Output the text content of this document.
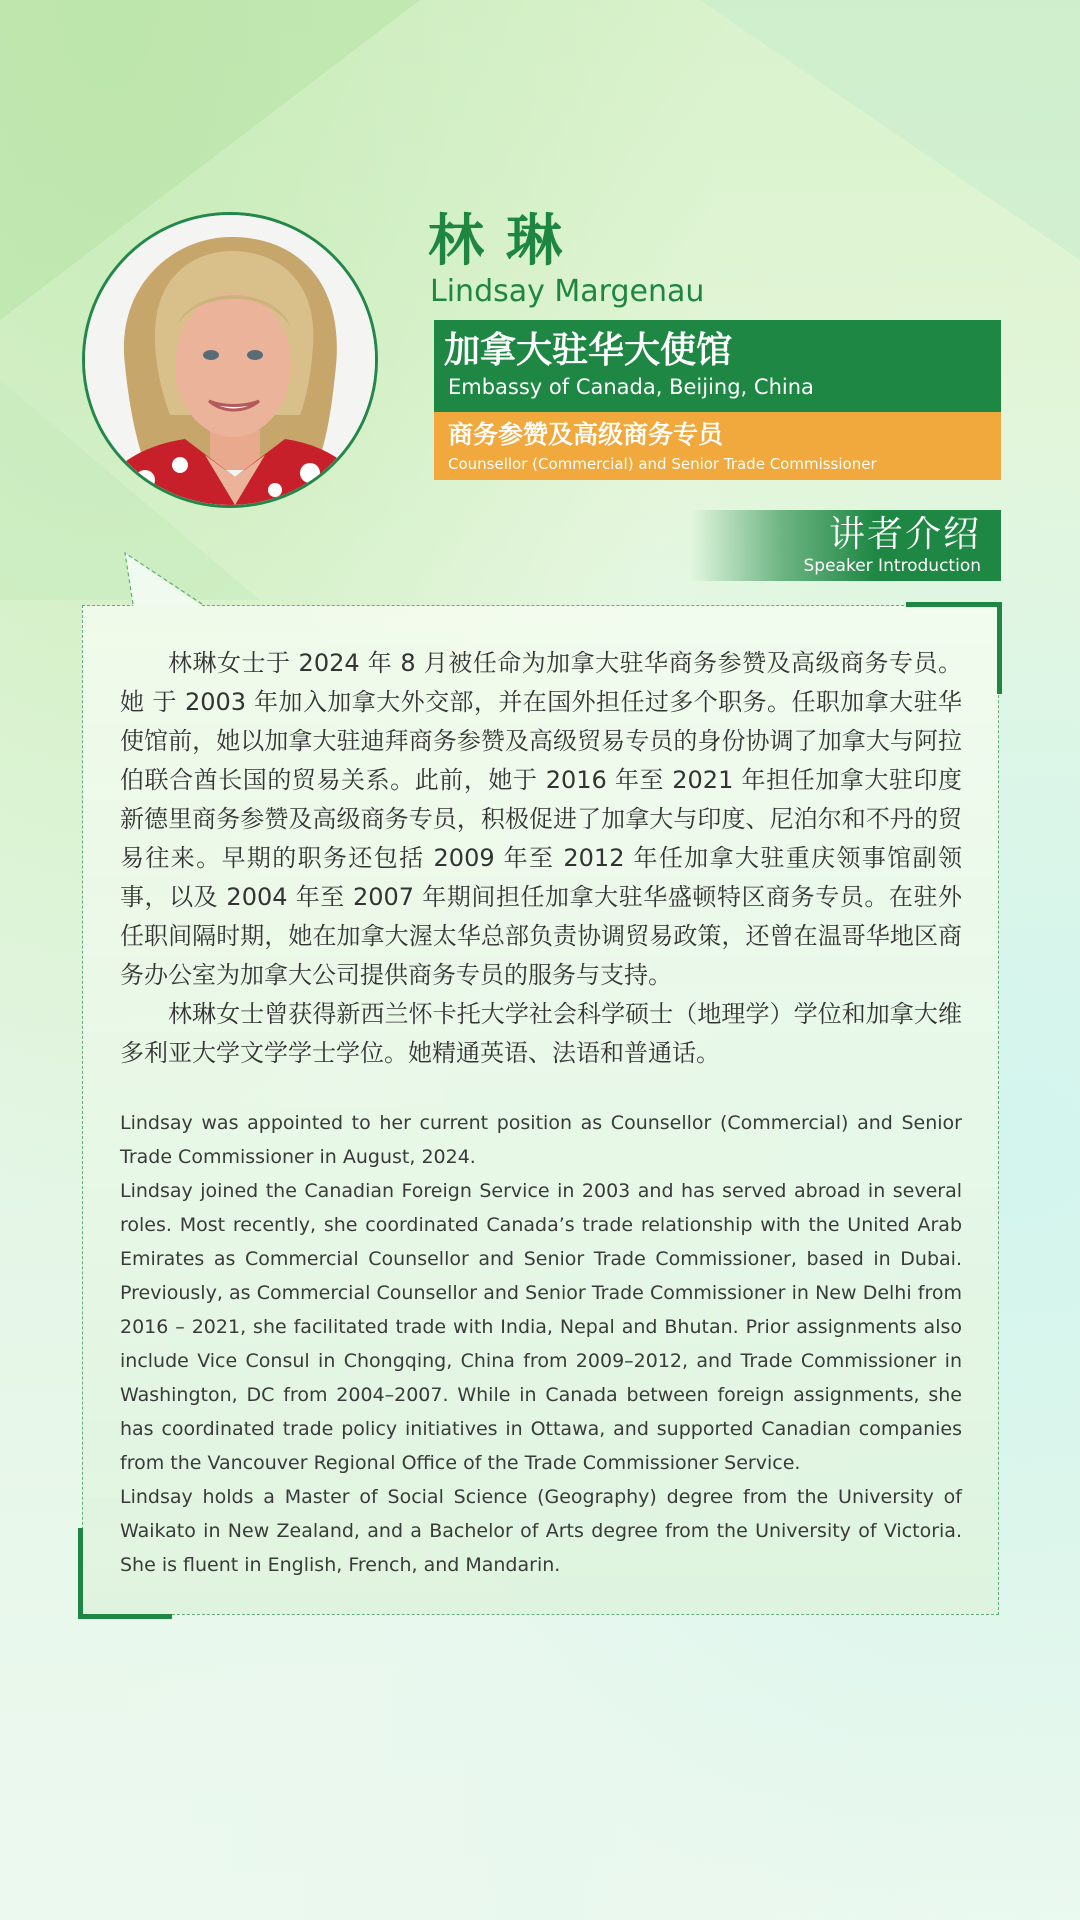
林琳
Lindsay Margenau
加拿大驻华大使馆
Embassy of Canada, Beijing, China
商务参赞及高级商务专员
Counsellor (Commercial) and Senior Trade Commissioner
讲者介绍
Speaker Introduction

林琳女士于 2024 年 8 月被任命为加拿大驻华商务参赞及高级商务专员。她 于 2003 年加入加拿大外交部，并在国外担任过多个职务。任职加拿大驻华使馆前，她以加拿大驻迪拜商务参赞及高级贸易专员的身份协调了加拿大与阿拉伯联合酋长国的贸易关系。此前，她于 2016 年至 2021 年担任加拿大驻印度新德里商务参赞及高级商务专员，积极促进了加拿大与印度、尼泊尔和不丹的贸易往来。早期的职务还包括 2009 年至 2012 年任加拿大驻重庆领事馆副领事，以及 2004 年至 2007 年期间担任加拿大驻华盛顿特区商务专员。在驻外任职间隔时期，她在加拿大渥太华总部负责协调贸易政策，还曾在温哥华地区商务办公室为加拿大公司提供商务专员的服务与支持。

林琳女士曾获得新西兰怀卡托大学社会科学硕士（地理学）学位和加拿大维多利亚大学文学学士学位。她精通英语、法语和普通话。

Lindsay was appointed to her current position as Counsellor (Commercial) and Senior Trade Commissioner in August, 2024.

Lindsay joined the Canadian Foreign Service in 2003 and has served abroad in several roles. Most recently, she coordinated Canada’s trade relationship with the United Arab Emirates as Commercial Counsellor and Senior Trade Commissioner, based in Dubai. Previously, as Commercial Counsellor and Senior Trade Commissioner in New Delhi from 2016 – 2021, she facilitated trade with India, Nepal and Bhutan. Prior assignments also include Vice Consul in Chongqing, China from 2009–2012, and Trade Commissioner in Washington, DC from 2004–2007. While in Canada between foreign assignments, she has coordinated trade policy initiatives in Ottawa, and supported Canadian companies from the Vancouver Regional Office of the Trade Commissioner Service.

Lindsay holds a Master of Social Science (Geography) degree from the University of Waikato in New Zealand, and a Bachelor of Arts degree from the University of Victoria. She is fluent in English, French, and Mandarin.
